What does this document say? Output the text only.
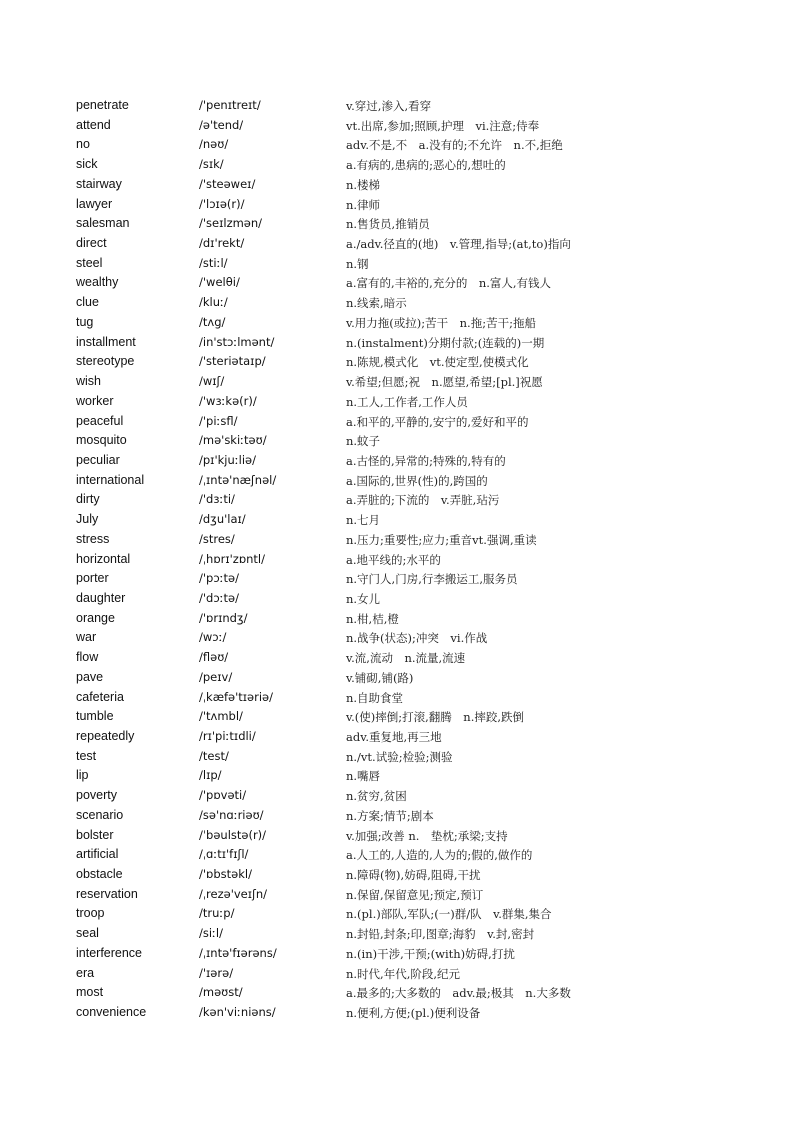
penetrate	/'penɪtreɪt/	v.穿过,渗入,看穿
attend	/ə'tend/	vt.出席,参加;照顾,护理　vi.注意;侍奉
no	/nəʊ/	adv.不是,不　a.没有的;不允许　n.不,拒绝
sick	/sɪk/	a.有病的,患病的;恶心的,想吐的
stairway	/'steəweɪ/	n.楼梯
lawyer	/'lɔɪə(r)/	n.律师
salesman	/'seɪlzmən/	n.售货员,推销员
direct	/dɪ'rekt/	a./adv.径直的(地)　v.管理,指导;(at,to)指向
steel	/stiːl/	n.钢
wealthy	/'welθi/	a.富有的,丰裕的,充分的　n.富人,有钱人
clue	/kluː/	n.线索,暗示
tug	/tʌg/	v.用力拖(或拉);苦干　n.拖;苦干;拖船
installment	/in'stɔːlmənt/	n.(instalment)分期付款;(连载的)一期
stereotype	/'steriətaɪp/	n.陈规,模式化　vt.使定型,使模式化
wish	/wɪʃ/	v.希望;但愿;祝　n.愿望,希望;[pl.]祝愿
worker	/'wɜːkə(r)/	n.工人,工作者,工作人员
peaceful	/'piːsfl/	a.和平的,平静的,安宁的,爱好和平的
mosquito	/mə'skiːtəʊ/	n.蚊子
peculiar	/pɪ'kjuːliə/	a.古怪的,异常的;特殊的,特有的
international	/ˌɪntə'næʃnəl/	a.国际的,世界(性)的,跨国的
dirty	/'dɜːti/	a.弄脏的;下流的　v.弄脏,玷污
July	/dʒu'laɪ/	n.七月
stress	/stres/	n.压力;重要性;应力;重音vt.强调,重读
horizontal	/ˌhɒrɪ'zɒntl/	a.地平线的;水平的
porter	/'pɔːtə/	n.守门人,门房,行李搬运工,服务员
daughter	/'dɔːtə/	n.女儿
orange	/'ɒrɪndʒ/	n.柑,桔,橙
war	/wɔː/	n.战争(状态);冲突　vi.作战
flow	/fləʊ/	v.流,流动　n.流量,流速
pave	/peɪv/	v.铺砌,铺(路)
cafeteria	/ˌkæfə'tɪəriə/	n.自助食堂
tumble	/'tʌmbl/	v.(使)摔倒;打滚,翻腾　n.摔跤,跌倒
repeatedly	/rɪ'piːtɪdli/	adv.重复地,再三地
test	/test/	n./vt.试验;检验;测验
lip	/lɪp/	n.嘴唇
poverty	/'pɒvəti/	n.贫穷,贫困
scenario	/sə'nɑːriəʊ/	n.方案;情节;剧本
bolster	/ˈbəulstə(r)/	v.加强;改善 n.　垫枕;承梁;支持
artificial	/ˌɑːtɪ'fɪʃl/	a.人工的,人造的,人为的;假的,做作的
obstacle	/'ɒbstəkl/	n.障碍(物),妨碍,阻碍,干扰
reservation	/ˌrezə'veɪʃn/	n.保留,保留意见;预定,预订
troop	/truːp/	n.(pl.)部队,军队;(一)群/队　v.群集,集合
seal	/siːl/	n.封铅,封条;印,图章;海豹　v.封,密封
interference	/ˌɪntə'fɪərəns/	n.(in)干涉,干预;(with)妨碍,打扰
era	/'ɪərə/	n.时代,年代,阶段,纪元
most	/məʊst/	a.最多的;大多数的　adv.最;极其　n.大多数
convenience	/kən'viːniəns/	n.便利,方便;(pl.)便利设备
